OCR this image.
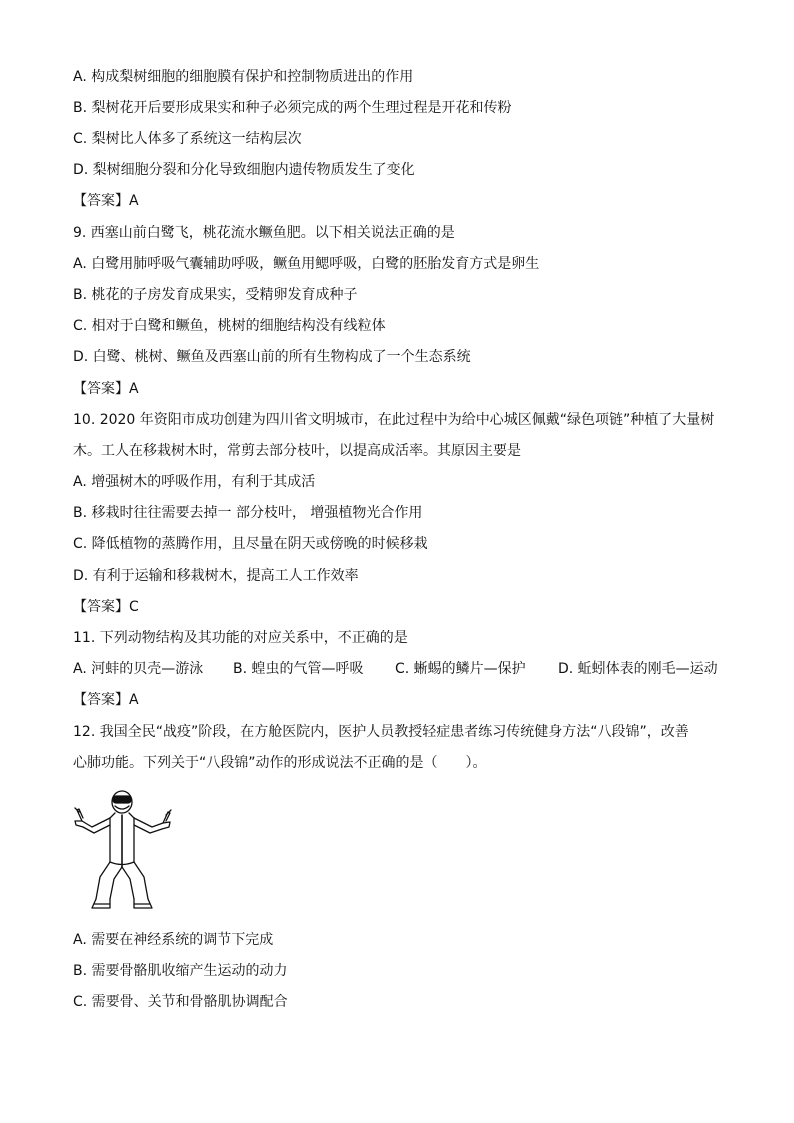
A. 构成梨树细胞的细胞膜有保护和控制物质进出的作用
B. 梨树花开后要形成果实和种子必须完成的两个生理过程是开花和传粉
C. 梨树比人体多了系统这一结构层次
D. 梨树细胞分裂和分化导致细胞内遗传物质发生了变化
【答案】A
9. 西塞山前白鹭飞，桃花流水鳜鱼肥。以下相关说法正确的是
A. 白鹭用肺呼吸气囊辅助呼吸，鳜鱼用鳃呼吸，白鹭的胚胎发育方式是卵生
B. 桃花的子房发育成果实，受精卵发育成种子
C. 相对于白鹭和鳜鱼，桃树的细胞结构没有线粒体
D. 白鹭、桃树、鳜鱼及西塞山前的所有生物构成了一个生态系统
【答案】A
10. 2020 年资阳市成功创建为四川省文明城市，在此过程中为给中心城区佩戴“绿色项链”种植了大量树
木。工人在移栽树木时，常剪去部分枝叶，以提高成活率。其原因主要是
A. 增强树木的呼吸作用，有利于其成活
B. 移栽时往往需要去掉一 部分枝叶， 增强植物光合作用
C. 降低植物的蒸腾作用，且尽量在阴天或傍晚的时候移栽
D. 有利于运输和移栽树木，提高工人工作效率
【答案】C
11. 下列动物结构及其功能的对应关系中，不正确的是
A. 河蚌的贝壳—游泳 B. 蝗虫的气管—呼吸 C. 蜥蜴的鳞片—保护 D. 蚯蚓体表的刚毛—运动
【答案】A
12. 我国全民“战疫”阶段，在方舱医院内，医护人员教授轻症患者练习传统健身方法“八段锦”，改善
心肺功能。下列关于“八段锦”动作的形成说法不正确的是（　　）。
A. 需要在神经系统的调节下完成
B. 需要骨骼肌收缩产生运动的动力
C. 需要骨、关节和骨骼肌协调配合
